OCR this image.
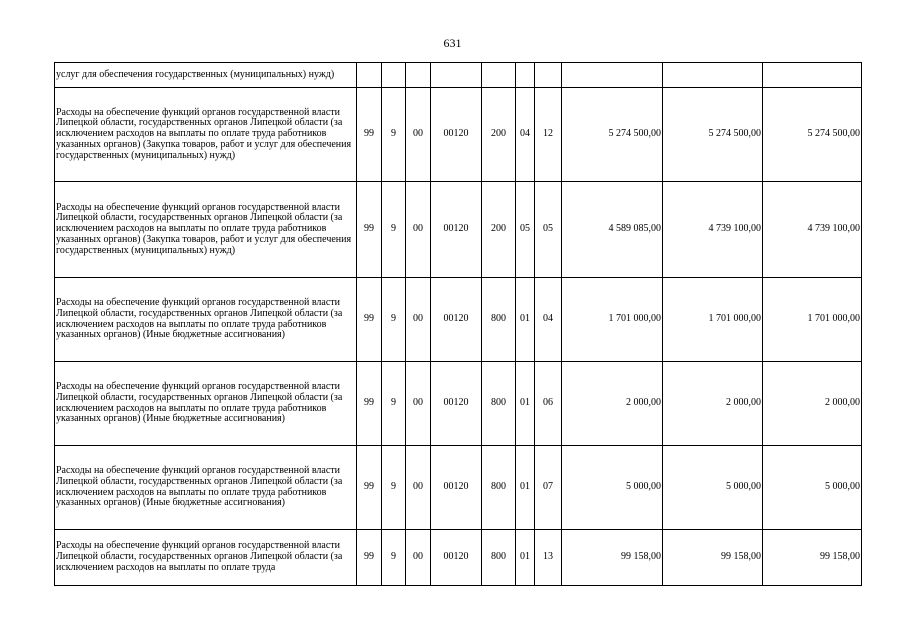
631
услуг для обеспечения государственных (муниципальных) нужд)										
Расходы на обеспечение функций органов государственной власти Липецкой области, государственных органов Липецкой области (за исключением расходов на выплаты по оплате труда работников указанных органов) (Закупка товаров, работ и услуг для обеспечения государственных (муниципальных) нужд)	99	9	00	00120	200	04	12	5 274 500,00	5 274 500,00	5 274 500,00
Расходы на обеспечение функций органов государственной власти Липецкой области, государственных органов Липецкой области (за исключением расходов на выплаты по оплате труда работников указанных органов) (Закупка товаров, работ и услуг для обеспечения государственных (муниципальных) нужд)	99	9	00	00120	200	05	05	4 589 085,00	4 739 100,00	4 739 100,00
Расходы на обеспечение функций органов государственной власти Липецкой области, государственных органов Липецкой области (за исключением расходов на выплаты по оплате труда работников указанных органов) (Иные бюджетные ассигнования)	99	9	00	00120	800	01	04	1 701 000,00	1 701 000,00	1 701 000,00
Расходы на обеспечение функций органов государственной власти Липецкой области, государственных органов Липецкой области (за исключением расходов на выплаты по оплате труда работников указанных органов) (Иные бюджетные ассигнования)	99	9	00	00120	800	01	06	2 000,00	2 000,00	2 000,00
Расходы на обеспечение функций органов государственной власти Липецкой области, государственных органов Липецкой области (за исключением расходов на выплаты по оплате труда работников указанных органов) (Иные бюджетные ассигнования)	99	9	00	00120	800	01	07	5 000,00	5 000,00	5 000,00
Расходы на обеспечение функций органов государственной власти Липецкой области, государственных органов Липецкой области (за исключением расходов на выплаты по оплате труда	99	9	00	00120	800	01	13	99 158,00	99 158,00	99 158,00
